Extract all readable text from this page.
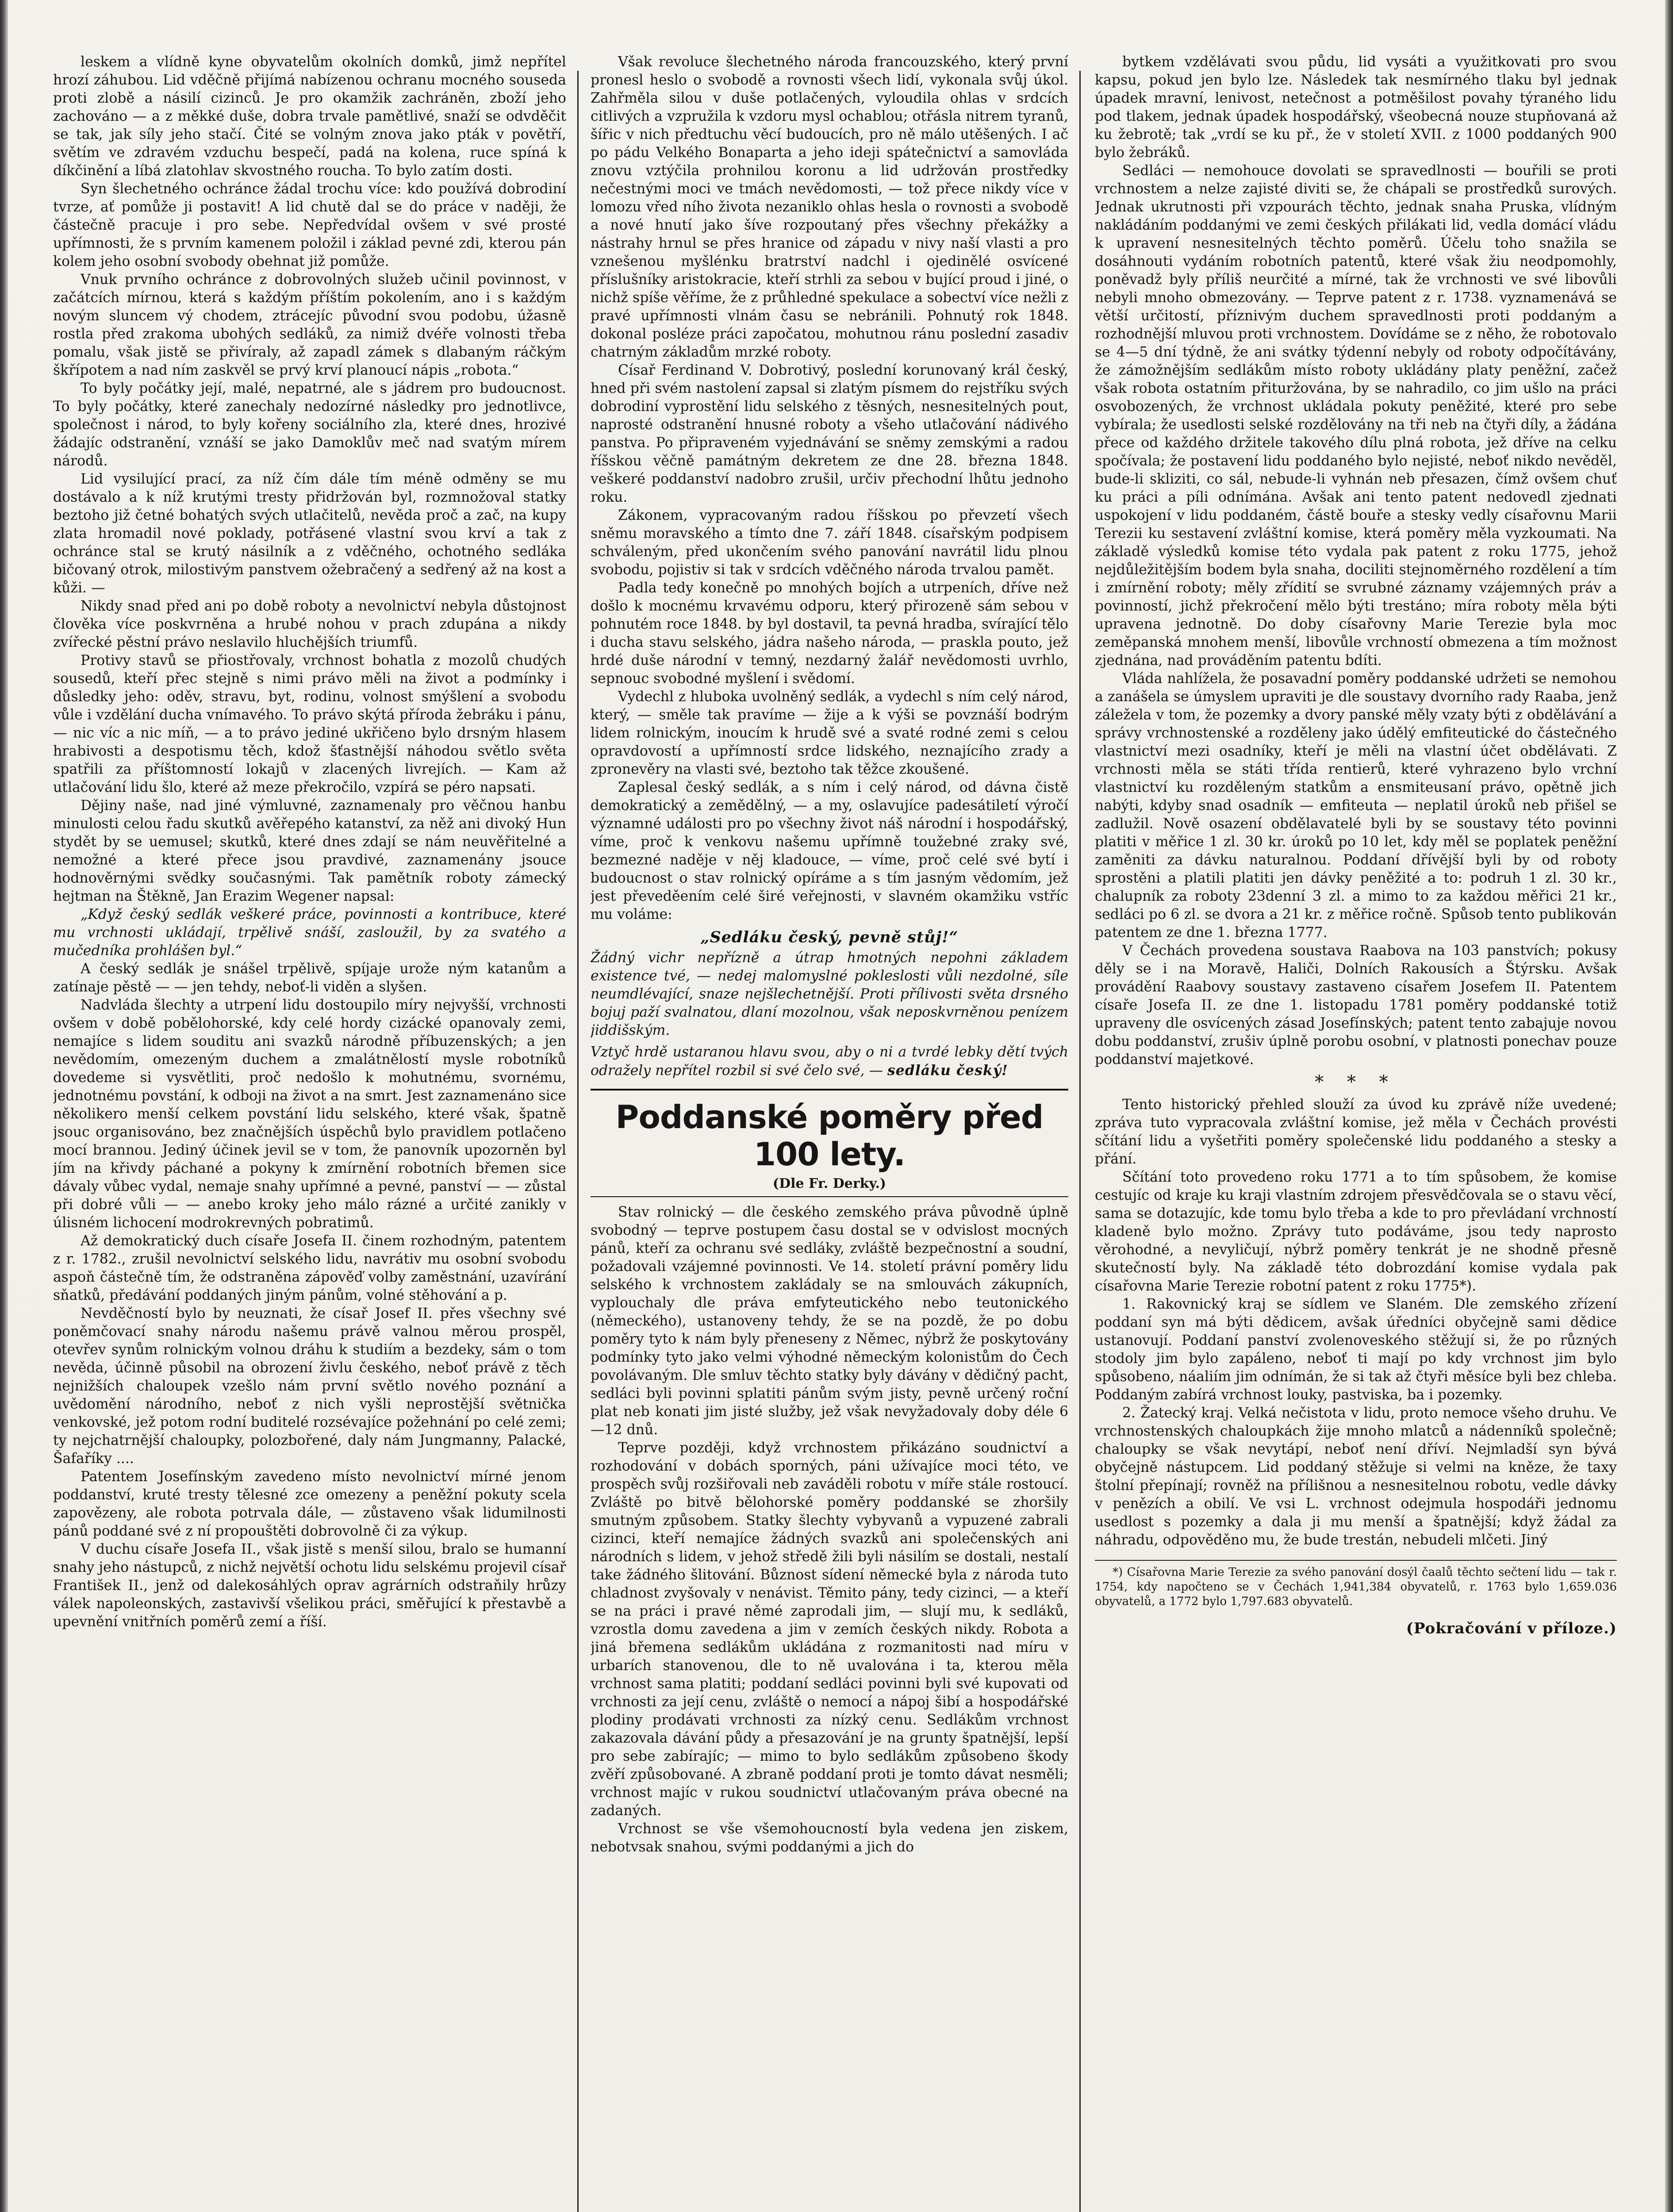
leskem a vlídně kyne obyvatelům okolních domků, jimž nepřítel hrozí záhubou. Lid vděčně přijímá nabízenou ochranu mocného souseda proti zlobě a násilí cizinců. Je pro okamžik zachráněn, zboží jeho zachováno — a z měkké duše, dobra trvale pamětlivé, snaží se odvděčit se tak, jak síly jeho stačí. Čité se volným znova jako pták v povětří, světím ve zdravém vzduchu bespečí, padá na kolena, ruce spíná k díkčinění a líbá zlatohlav skvostného roucha. To bylo zatím dosti.

Syn šlechetného ochránce žádal trochu více: kdo používá dobrodiní tvrze, ať pomůže ji postavit! A lid chutě dal se do práce v naději, že částečně pracuje i pro sebe. Nepředvídal ovšem v své prosté upřímnosti, že s prvním kamenem položil i základ pevné zdi, kterou pán kolem jeho osobní svobody obehnat již pomůže.

Vnuk prvního ochránce z dobrovolných služeb učinil povinnost, v začátcích mírnou, která s každým příštím pokolením, ano i s každým novým sluncem vý chodem, ztrácejíc původní svou podobu, úžasně rostla před zrakoma ubohých sedláků, za nimiž dvéře volnosti třeba pomalu, však jistě se přivíraly, až zapadl zámek s dlabaným ráčkým škřípotem a nad ním zaskvěl se prvý krví planoucí nápis „robota.“

To byly počátky její, malé, nepatrné, ale s jádrem pro budoucnost. To byly počátky, které zanechaly nedozírné následky pro jednotlivce, společnost i národ, to byly kořeny sociálního zla, které dnes, hrozivé žádajíc odstranění, vznáší se jako Damoklův meč nad svatým mírem národů.

Lid vysilující prací, za níž čím dále tím méně odměny se mu dostávalo a k níž krutými tresty přidržován byl, rozmnožoval statky beztoho již četné bohatých svých utlačitelů, nevěda proč a zač, na kupy zlata hromadil nové poklady, potřásené vlastní svou krví a tak z ochránce stal se krutý násilník a z vděčného, ochotného sedláka bičovaný otrok, milostivým panstvem ožebračený a sedřený až na kost a kůži. —

Nikdy snad před ani po době roboty a nevolnictví nebyla důstojnost člověka více poskvrněna a hrubé nohou v prach zdupána a nikdy zvířecké pěstní právo neslavilo hluchějších triumfů.

Protivy stavů se přiostřovaly, vrchnost bohatla z mozolů chudých sousedů, kteří přec stejně s nimi právo měli na život a podmínky i důsledky jeho: oděv, stravu, byt, rodinu, volnost smýšlení a svobodu vůle i vzdělání ducha vnímavého. To právo skýtá příroda žebráku i pánu, — nic víc a nic míň, — a to právo jediné ukřičeno bylo drsným hlasem hrabivosti a despotismu těch, kdož šťastnější náhodou světlo světa spatřili za příštomností lokajů v zlacených livrejích. — Kam až utlačování lidu šlo, které až meze překročilo, vzpírá se péro napsati.

Dějiny naše, nad jiné výmluvné, zaznamenaly pro věčnou hanbu minulosti celou řadu skutků avěřepého katanství, za něž ani divoký Hun stydět by se uemusel; skutků, které dnes zdají se nám neuvěřitelné a nemožné a které přece jsou pravdivé, zaznamenány jsouce hodnověrnými svědky současnými. Tak pamětník roboty zámecký hejtman na Štěkně, Jan Erazim Wegener napsal:

„Když český sedlák veškeré práce, povinnosti a kontribuce, které mu vrchnosti ukládají, trpělivě snáší, zasloužil, by za svatého a mučedníka prohlášen byl.“

A český sedlák je snášel trpělivě, spíjaje urože ným katanům a zatínaje pěstě — — jen tehdy, neboť-li viděn a slyšen.

Nadvláda šlechty a utrpení lidu dostoupilo míry nejvyšší, vrchnosti ovšem v době pobělohorské, kdy celé hordy cizácké opanovaly zemi, nemajíce s lidem souditu ani svazků národně příbuzenských; a jen nevědomím, omezeným duchem a zmalátnělostí mysle robotníků dovedeme si vysvětliti, proč nedošlo k mohutnému, svornému, jednotnému povstání, k odboji na život a na smrt. Jest zaznamenáno sice několikero menší celkem povstání lidu selského, které však, špatně jsouc organisováno, bez značnějších úspěchů bylo pravidlem potlačeno mocí brannou. Jediný účinek jevil se v tom, že panovník upozorněn byl jím na křivdy páchané a pokyny k zmírnění robotních břemen sice dávaly vůbec vydal, nemaje snahy upřímné a pevné, panství — — zůstal při dobré vůli — — anebo kroky jeho málo rázné a určité zanikly v úlisném lichocení modrokrevných pobratimů.

Až demokratický duch císaře Josefa II. činem rozhodným, patentem z r. 1782., zrušil nevolnictví selského lidu, navrátiv mu osobní svobodu aspoň částečně tím, že odstraněna zápověď volby zaměstnání, uzavírání sňatků, předávání poddaných jiným pánům, volné stěhování a p.

Nevděčností bylo by neuznati, že císař Josef II. přes všechny své poněmčovací snahy národu našemu právě valnou měrou prospěl, otevřev synům rolnickým volnou dráhu k studiím a bezdeky, sám o tom nevěda, účinně působil na obrození živlu českého, neboť právě z těch nejnižších chaloupek vzešlo nám první světlo nového poznání a uvědomění národního, neboť z nich vyšli neprostější světnička venkovské, jež potom rodní buditelé rozsévajíce požehnání po celé zemi; ty nejchatrnější chaloupky, polozbořené, daly nám Jungmanny, Palacké, Šafaříky ....

Patentem Josefínským zavedeno místo nevolnictví mírné jenom poddanství, kruté tresty tělesné zce omezeny a peněžní pokuty scela zapovězeny, ale robota potrvala dále, — zůstaveno však lidumilnosti pánů poddané své z ní propouštěti dobrovolně či za výkup.

V duchu císaře Josefa II., však jistě s menší silou, bralo se humanní snahy jeho nástupců, z nichž největší ochotu lidu selskému projevil císař František II., jenž od dalekosáhlých oprav agrárních odstraňily hrůzy válek napoleonských, zastavivší všelikou práci, směřující k přestavbě a upevnění vnitřních poměrů zemí a říší.

Však revoluce šlechetného národa francouzského, který první pronesl heslo o svobodě a rovnosti všech lidí, vykonala svůj úkol. Zahřměla silou v duše potlačených, vyloudila ohlas v srdcích citlivých a vzpružila k vzdoru mysl ochablou; otřásla nitrem tyranů, šířic v nich předtuchu věcí budoucích, pro ně málo utěšených. I ač po pádu Velkého Bonaparta a jeho ideji spátečnictví a samovláda znovu vztýčila prohnilou koronu a lid udržován prostředky nečestnými moci ve tmách nevědomosti, — tož přece nikdy více v lomozu vřed ního života nezaniklo ohlas hesla o rovnosti a svobodě a nové hnutí jako šíve rozpoutaný přes všechny překážky a nástrahy hrnul se přes hranice od západu v nivy naší vlasti a pro vznešenou myšlénku bratrství nadchl i ojedinělé osvícené příslušníky aristokracie, kteří strhli za sebou v bující proud i jiné, o nichž spíše věříme, že z průhledné spekulace a sobectví více nežli z pravé upřímnosti vlnám času se nebránili. Pohnutý rok 1848. dokonal posléze práci započatou, mohutnou ránu poslední zasadiv chatrným základům mrzké roboty.

Císař Ferdinand V. Dobrotivý, poslední korunovaný král český, hned při svém nastolení zapsal si zlatým písmem do rejstříku svých dobrodiní vyprostění lidu selského z těsných, nesnesitelných pout, naprosté odstranění hnusné roboty a všeho utlačování nádivého panstva. Po připraveném vyjednávání se sněmy zemskými a radou říšskou věčně památným dekretem ze dne 28. března 1848. veškeré poddanství nadobro zrušil, určiv přechodní lhůtu jednoho roku.

Zákonem, vypracovaným radou říšskou po převzetí všech sněmu moravského a tímto dne 7. září 1848. císařským podpisem schváleným, před ukončením svého panování navrátil lidu plnou svobodu, pojistiv si tak v srdcích vděčného národa trvalou pamět.

Padla tedy konečně po mnohých bojích a utrpeních, dříve než došlo k mocnému krvavému odporu, který přirozeně sám sebou v pohnutém roce 1848. by byl dostavil, ta pevná hradba, svírající tělo i ducha stavu selského, jádra našeho národa, — praskla pouto, jež hrdé duše národní v temný, nezdarný žalář nevědomosti uvrhlo, sepnouc svobodné myšlení i svědomí.

Vydechl z hluboka uvolněný sedlák, a vydechl s ním celý národ, který, — směle tak pravíme — žije a k výši se povznáší bodrým lidem rolnickým, inoucím k hrudě své a svaté rodné zemi s celou opravdovostí a upřímností srdce lidského, neznajícího zrady a zpronevěry na vlasti své, beztoho tak těžce zkoušené.

Zaplesal český sedlák, a s ním i celý národ, od dávna čistě demokratický a zemědělný, — a my, oslavujíce padesátiletí výročí významné události pro po všechny život náš národní i hospodářský, víme, proč k venkovu našemu upřímně toužebné zraky své, bezmezné naděje v něj kladouce, — víme, proč celé své bytí i budoucnost o stav rolnický opíráme a s tím jasným vědomím, jež jest převeděením celé širé veřejnosti, v slavném okamžiku vstříc mu voláme:

„Sedláku český, pevně stůj!“

Žádný vichr nepřízně a útrap hmotných nepohni základem existence tvé, — nedej malomyslné pokleslosti vůli nezdolné, síle neumdlévající, snaze nejšlechetnější. Proti přílivosti světa drsného bojuj paží svalnatou, dlaní mozolnou, však neposkvrněnou penízem jiddišským.

Vztyč hrdě ustaranou hlavu svou, aby o ni a tvrdé lebky dětí tvých odražely nepřítel rozbil si své čelo své, — sedláku český!
Poddanské poměry před 100 lety.
(Dle Fr. Derky.)

Stav rolnický — dle českého zemského práva původně úplně svobodný — teprve postupem času dostal se v odvislost mocných pánů, kteří za ochranu své sedláky, zvláště bezpečnostní a soudní, požadovali vzájemné povinnosti. Ve 14. století právní poměry lidu selského k vrchnostem zakládaly se na smlouvách zákupních, vyplouchaly dle práva emfyteutického nebo teutonického (německého), ustanoveny tehdy, že se na pozdě, že po dobu poměry tyto k nám byly přeneseny z Němec, nýbrž že poskytovány podmínky tyto jako velmi výhodné německým kolonistům do Čech povolávaným. Dle smluv těchto statky byly dávány v dědičný pacht, sedláci byli povinni splatiti pánům svým jisty, pevně určený roční plat neb konati jim jisté služby, jež však nevyžadovaly doby déle 6—12 dnů.

Teprve později, když vrchnostem přikázáno soudnictví a rozhodování v dobách sporných, páni užívajíce moci této, ve prospěch svůj rozšiřovali neb zaváděli robotu v míře stále rostoucí. Zvláště po bitvě bělohorské poměry poddanské se zhoršily smutným způsobem. Statky šlechty vybyvanů a vypuzené zabrali cizinci, kteří nemajíce žádných svazků ani společenských ani národních s lidem, v jehož středě žili byli násilím se dostali, nestalí take žádného šlitování. Bůznost sídení německé byla z národa tuto chladnost zvyšovaly v nenávist. Těmito pány, tedy cizinci, — a kteří se na práci i pravé němé zaprodali jim, — slují mu, k sedláků, vzrostla domu zavedena a jim v zemích českých nikdy. Robota a jiná břemena sedlákům ukládána z rozmanitosti nad míru v urbarích stanovenou, dle to ně uvalována i ta, kterou měla vrchnost sama platiti; poddaní sedláci povinni byli své kupovati od vrchnosti za její cenu, zvláště o nemocí a nápoj šibí a hospodářské plodiny prodávati vrchnosti za nízký cenu. Sedlákům vrchnost zakazovala dávání půdy a přesazování je na grunty špatnější, lepší pro sebe zabírajíc; — mimo to bylo sedlákům způsobeno škody zvěří způsobované. A zbraně poddaní proti je tomto dávat nesměli; vrchnost majíc v rukou soudnictví utlačovaným práva obecné na zadaných.

Vrchnost se vše všemohoucností byla vedena jen ziskem, nebotvsak snahou, svými poddanými a jich do

bytkem vzdělávati svou půdu, lid vysáti a využitkovati pro svou kapsu, pokud jen bylo lze. Následek tak nesmírného tlaku byl jednak úpadek mravní, lenivost, netečnost a potměšilost povahy týraného lidu pod tlakem, jednak úpadek hospodářský, všeobecná nouze stupňovaná až ku žebrotě; tak „vrdí se ku př., že v století XVII. z 1000 poddaných 900 bylo žebráků.

Sedláci — nemohouce dovolati se spravedlnosti — bouřili se proti vrchnostem a nelze zajisté diviti se, že chápali se prostředků surových. Jednak ukrutnosti při vzpourách těchto, jednak snaha Pruska, vlídným nakládáním poddanými ve zemi českých přilákati lid, vedla domácí vládu k upravení nesnesitelných těchto poměrů. Účelu toho snažila se dosáhnouti vydáním robotních patentů, které však žiu neodpomohly, poněvadž byly příliš neurčité a mírné, tak že vrchnosti ve své libovůli nebyli mnoho obmezovány. — Teprve patent z r. 1738. vyznamenává se větší určitostí, příznivým duchem spravedlnosti proti poddaným a rozhodnější mluvou proti vrchnostem. Dovídáme se z něho, že robotovalo se 4—5 dní týdně, že ani svátky týdenní nebyly od roboty odpočítávány, že zámožnějším sedlákům místo roboty ukládány platy peněžní, začež však robota ostatním přituržována, by se nahradilo, co jim ušlo na práci osvobozených, že vrchnost ukládala pokuty peněžité, které pro sebe vybírala; že usedlosti selské rozdělovány na tři neb na čtyři díly, a žádána přece od každého držitele takového dílu plná robota, jež dříve na celku spočívala; že postavení lidu poddaného bylo nejisté, neboť nikdo nevěděl, bude-li skliziti, co sál, nebude-li vyhnán neb přesazen, čímž ovšem chuť ku práci a píli odnímána. Avšak ani tento patent nedovedl zjednati uspokojení v lidu poddaném, částě bouře a stesky vedly císařovnu Marii Terezii ku sestavení zvláštní komise, která poměry měla vyzkoumati. Na základě výsledků komise této vydala pak patent z roku 1775, jehož nejdůležitějším bodem byla snaha, dociliti stejnoměrného rozdělení a tím i zmírnění roboty; měly zřídití se svrubné záznamy vzájemných práv a povinností, jichž překročení mělo býti trestáno; míra roboty měla býti upravena jednotně. Do doby císařovny Marie Terezie byla moc zeměpanská mnohem menší, libovůle vrchností obmezena a tím možnost zjednána, nad prováděním patentu bdíti.

Vláda nahlížela, že posavadní poměry poddanské udržeti se nemohou a zanášela se úmyslem upraviti je dle soustavy dvorního rady Raaba, jenž záležela v tom, že pozemky a dvory panské měly vzaty býti z obdělávání a správy vrchnostenské a rozděleny jako údělý emfiteutické do částečného vlastnictví mezi osadníky, kteří je měli na vlastní účet obdělávati. Z vrchnosti měla se státi třída rentierů, které vyhrazeno bylo vrchní vlastnictví ku rozděleným statkům a ensmiteusaní právo, opětně jich nabýti, kdyby snad osadník — emfiteuta — neplatil úroků neb přišel se zadlužil. Nově osazení obdělavatelé byli by se soustavy této povinni platiti v měřice 1 zl. 30 kr. úroků po 10 let, kdy měl se poplatek peněžní zaměniti za dávku naturalnou. Poddaní dřívější byli by od roboty sprostěni a platili platiti jen dávky peněžité a to: podruh 1 zl. 30 kr., chalupník za roboty 23denní 3 zl. a mimo to za každou měřici 21 kr., sedláci po 6 zl. se dvora a 21 kr. z měřice ročně. Spůsob tento publikován patentem ze dne 1. března 1777.

V Čechách provedena soustava Raabova na 103 panstvích; pokusy děly se i na Moravě, Haliči, Dolních Rakousích a Štýrsku. Avšak provádění Raabovy soustavy zastaveno císařem Josefem II. Patentem císaře Josefa II. ze dne 1. listopadu 1781 poměry poddanské totiž upraveny dle osvícených zásad Josefínských; patent tento zabajuje novou dobu poddanství, zrušiv úplně porobu osobní, v platnosti ponechav pouze poddanství majetkové.

* * *

Tento historický přehled slouží za úvod ku zprávě níže uvedené; zpráva tuto vypracovala zvláštní komise, jež měla v Čechách provésti sčítání lidu a vyšetřiti poměry společenské lidu poddaného a stesky a přání.

Sčítání toto provedeno roku 1771 a to tím spůsobem, že komise cestujíc od kraje ku kraji vlastním zdrojem přesvědčovala se o stavu věcí, sama se dotazujíc, kde tomu bylo třeba a kde to pro převládaní vrchností kladeně bylo možno. Zprávy tuto podáváme, jsou tedy naprosto věrohodné, a nevyličují, nýbrž poměry tenkrát je ne shodně přesně skutečností byly. Na základě této dobrozdání komise vydala pak císařovna Marie Terezie robotní patent z roku 1775*).

1. Rakovnický kraj se sídlem ve Slaném. Dle zemského zřízení poddaní syn má býti dědicem, avšak úředníci obyčejně sami dědice ustanovují. Poddaní panství zvolenoveského stěžují si, že po různých stodoly jim bylo zapáleno, neboť ti mají po kdy vrchnost jim bylo spůsobeno, náaliím jim odnímán, že si tak až čtyři měsíce byli bez chleba. Poddaným zabírá vrchnost louky, pastviska, ba i pozemky.

2. Žatecký kraj. Velká nečistota v lidu, proto nemoce všeho druhu. Ve vrchnostenských chaloupkách žije mnoho mlatců a nádenníků společně; chaloupky se však nevytápí, neboť není dříví. Nejmladší syn bývá obyčejně nástupcem. Lid poddaný stěžuje si velmi na kněze, že taxy štolní přepínají; rovněž na přílišnou a nesnesitelnou robotu, vedle dávky v penězích a obilí. Ve vsi L. vrchnost odejmula hospodáři jednomu usedlost s pozemky a dala ji mu menší a špatnější; když žádal za náhradu, odpověděno mu, že bude trestán, nebudeli mlčeti. Jiný

*) Císařovna Marie Terezie za svého panování dosýl čaalů těchto sečtení lidu — tak r. 1754, kdy napočteno se v Čechách 1,941,384 obyvatelů, r. 1763 bylo 1,659.036 obyvatelů, a 1772 bylo 1,797.683 obyvatelů.
(Pokračování v příloze.)
